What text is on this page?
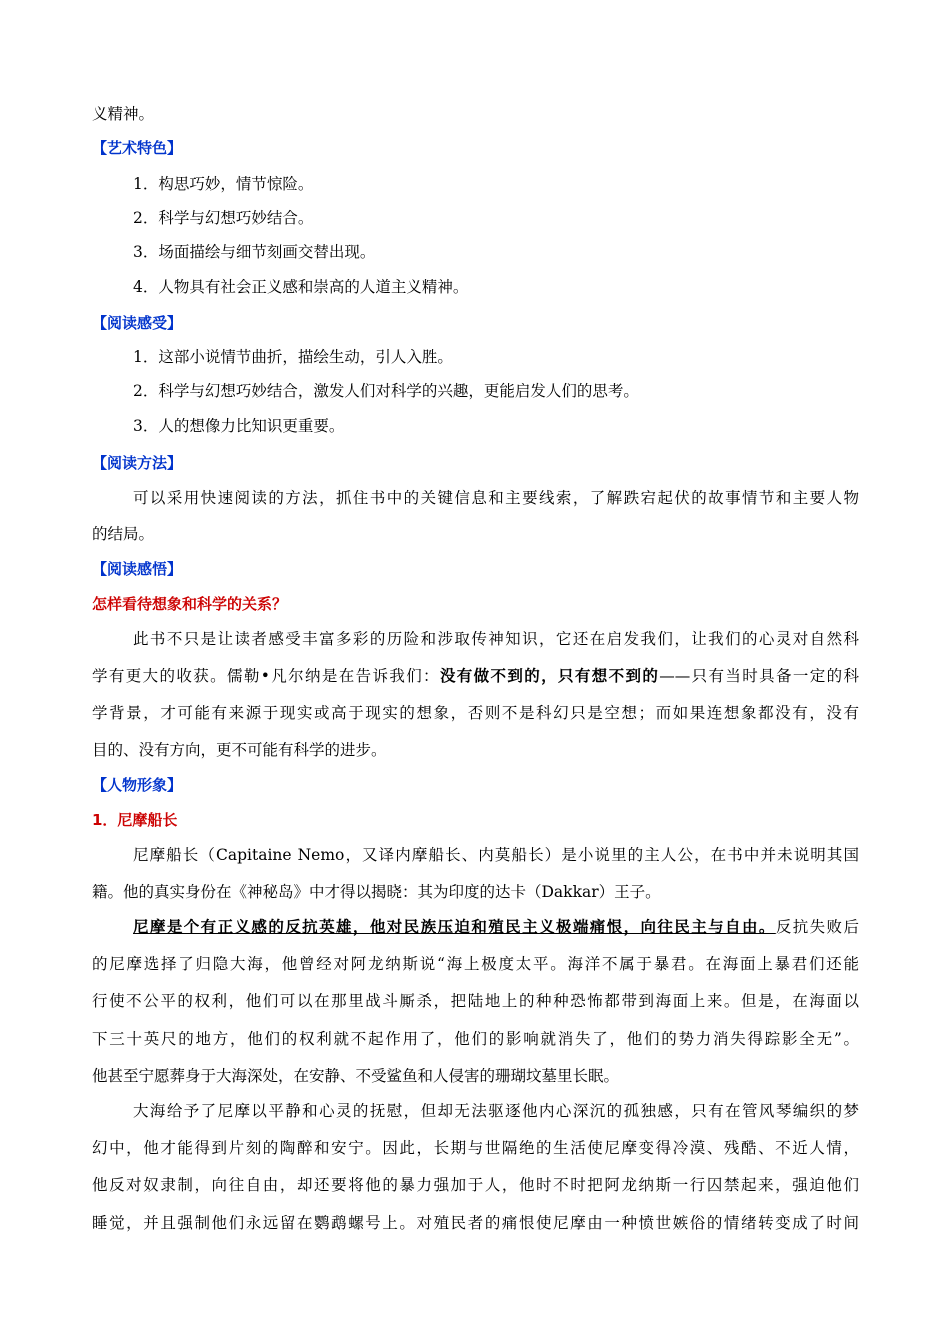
义精神。
【艺术特色】
1．构思巧妙，情节惊险。
2．科学与幻想巧妙结合。
3．场面描绘与细节刻画交替出现。
4．人物具有社会正义感和崇高的人道主义精神。
【阅读感受】
1．这部小说情节曲折，描绘生动，引人入胜。
2．科学与幻想巧妙结合，激发人们对科学的兴趣，更能启发人们的思考。
3．人的想像力比知识更重要。
【阅读方法】
可以采用快速阅读的方法，抓住书中的关键信息和主要线索，了解跌宕起伏的故事情节和主要人物
的结局。
【阅读感悟】
怎样看待想象和科学的关系？
此书不只是让读者感受丰富多彩的历险和涉取传神知识，它还在启发我们，让我们的心灵对自然科
学有更大的收获。儒勒•凡尔纳是在告诉我们：没有做不到的，只有想不到的——只有当时具备一定的科
学背景，才可能有来源于现实或高于现实的想象，否则不是科幻只是空想；而如果连想象都没有，没有
目的、没有方向，更不可能有科学的进步。
【人物形象】
1．尼摩船长
尼摩船长（Capitaine Nemo，又译内摩船长、内莫船长）是小说里的主人公，在书中并未说明其国
籍。他的真实身份在《神秘岛》中才得以揭晓：其为印度的达卡（Dakkar）王子。
尼摩是个有正义感的反抗英雄，他对民族压迫和殖民主义极端痛恨，向往民主与自由。反抗失败后
的尼摩选择了归隐大海，他曾经对阿龙纳斯说“海上极度太平。海洋不属于暴君。在海面上暴君们还能
行使不公平的权利，他们可以在那里战斗厮杀，把陆地上的种种恐怖都带到海面上来。但是，在海面以
下三十英尺的地方，他们的权利就不起作用了，他们的影响就消失了，他们的势力消失得踪影全无”。
他甚至宁愿葬身于大海深处，在安静、不受鲨鱼和人侵害的珊瑚坟墓里长眠。
大海给予了尼摩以平静和心灵的抚慰，但却无法驱逐他内心深沉的孤独感，只有在管风琴编织的梦
幻中，他才能得到片刻的陶醉和安宁。因此，长期与世隔绝的生活使尼摩变得冷漠、残酷、不近人情，
他反对奴隶制，向往自由，却还要将他的暴力强加于人，他时不时把阿龙纳斯一行囚禁起来，强迫他们
睡觉，并且强制他们永远留在鹦鹉螺号上。对殖民者的痛恨使尼摩由一种愤世嫉俗的情绪转变成了时间
